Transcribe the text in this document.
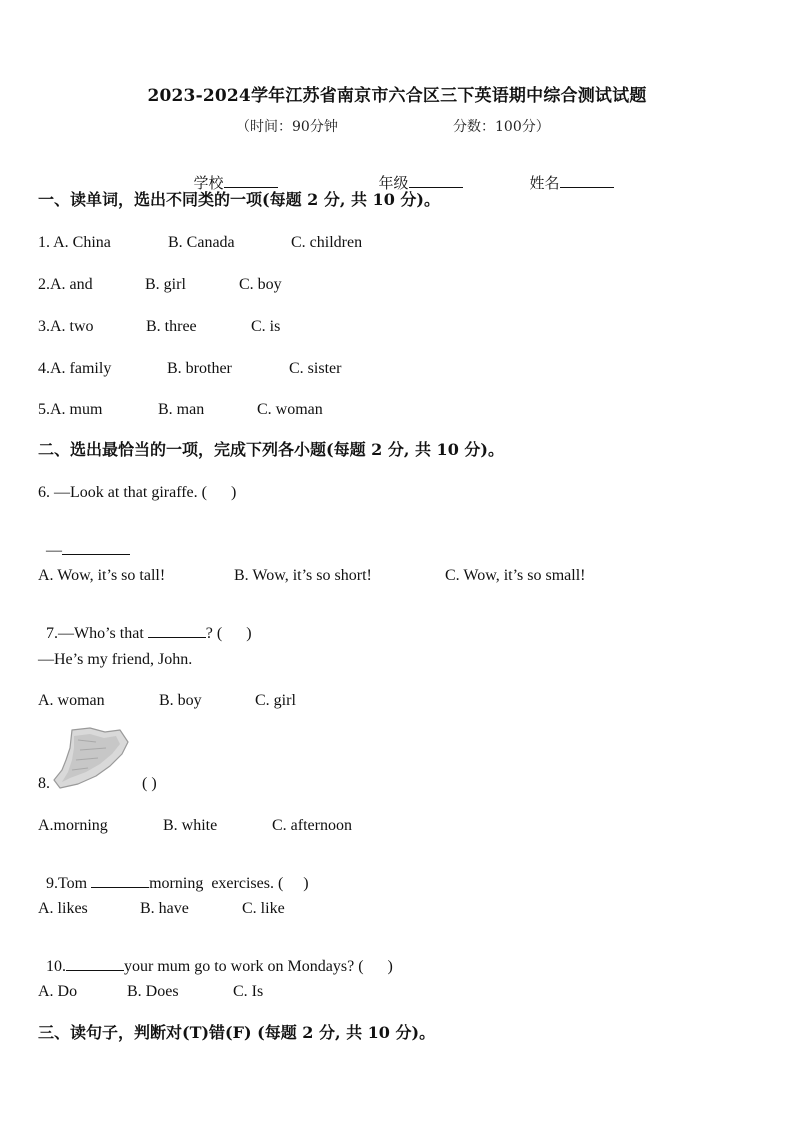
2023-2024学年江苏省南京市六合区三下英语期中综合测试试题
（时间：90分钟	分数：100分）

学校	年级	姓名

一、读单词，选出不同类的一项(每题 2 分, 共 10 分)。
1. A. China	B. Canada	C. children
2.A. and	B. girl	C. boy
3.A. two	B. three	C. is
4.A. family	B. brother	C. sister
5.A. mum	B. man	C. woman
二、选出最恰当的一项，完成下列各小题(每题 2 分, 共 10 分)。
6. —Look at that giraffe. (      )

—

A. Wow, it’s so tall!	B. Wow, it’s so short!	C. Wow, it’s so small!

7.—Who’s that	? (      )

—He’s my friend, John.
A. woman	B. boy	C. girl
8.	( )
A.morning	B. white	C. afternoon

9.Tom	morning  exercises. (     )

A. likes	B. have	C. like

10.	your mum go to work on Mondays? (      )

A. Do	B. Does	C. Is
三、读句子，判断对(T)错(F) (每题 2 分, 共 10 分)。
